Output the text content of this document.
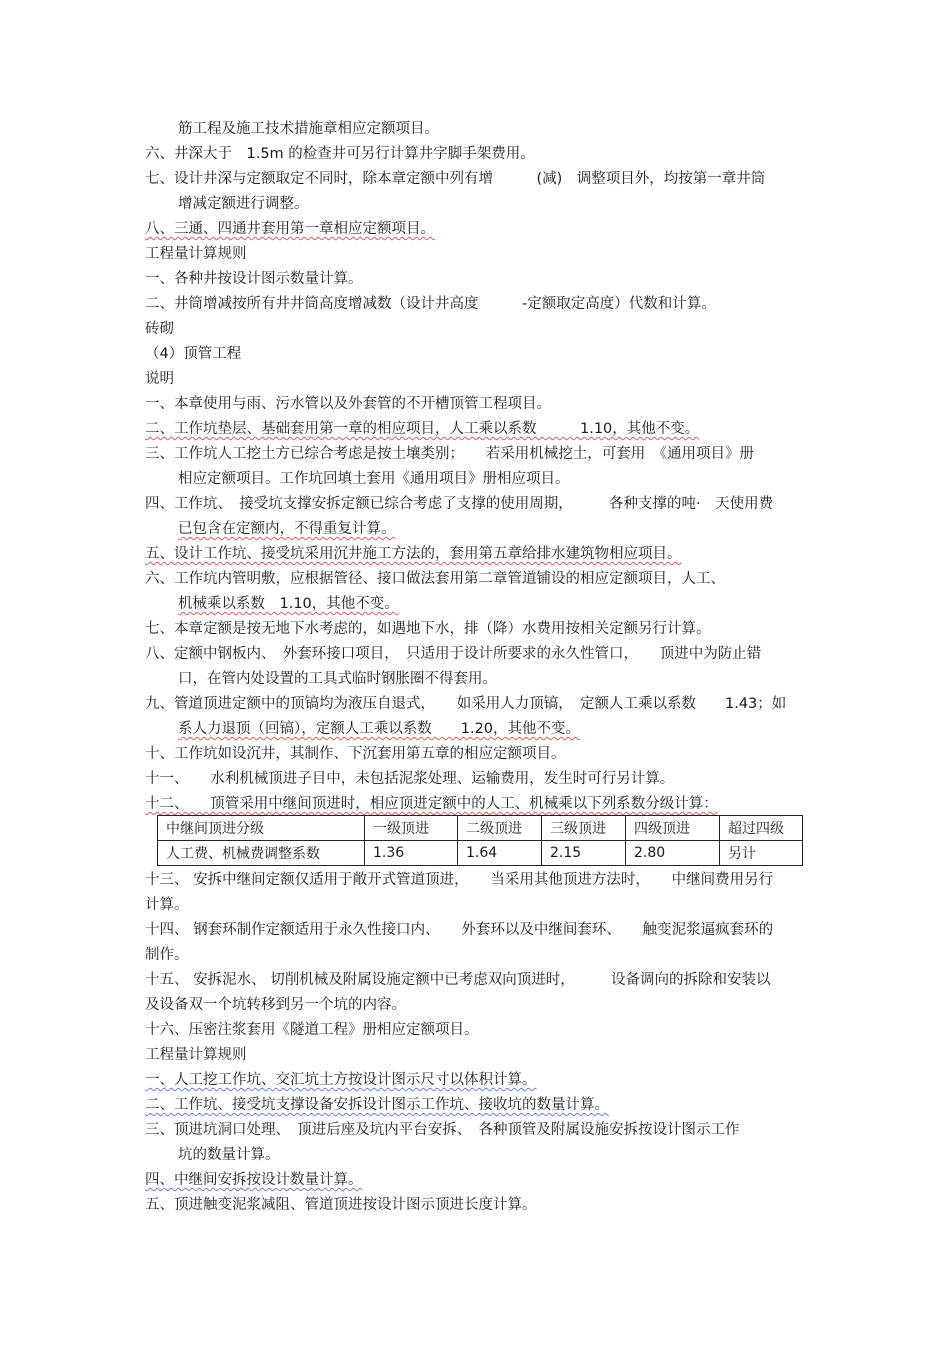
筋工程及施工技术措施章相应定额项目。
六、井深大于　1.5m 的检查井可另行计算井字脚手架费用。
七、设计井深与定额取定不同时，除本章定额中列有增　　　(减)　调整项目外，均按第一章井筒
增减定额进行调整。
八、三通、四通井套用第一章相应定额项目。
工程量计算规则
一、各种井按设计图示数量计算。
二、井筒增减按所有井井筒高度增减数（设计井高度　　　-定额取定高度）代数和计算。
砖砌
（4）顶管工程
说明
一、本章使用与雨、污水管以及外套管的不开槽顶管工程项目。
二、工作坑垫层、基础套用第一章的相应项目，人工乘以系数　　　1.10，其他不变。
三、工作坑人工挖土方已综合考虑是按土壤类别；　　若采用机械挖土，可套用　《通用项目》册
相应定额项目。工作坑回填土套用《通用项目》册相应项目。
四、工作坑、　接受坑支撑安拆定额已综合考虑了支撑的使用周期，　　　各种支撑的吨·　天使用费
已包含在定额内，不得重复计算。
五、设计工作坑、接受坑采用沉井施工方法的，套用第五章给排水建筑物相应项目。
六、工作坑内管明敷，应根据管径、接口做法套用第二章管道铺设的相应定额项目，人工、
机械乘以系数　1.10，其他不变。
七、本章定额是按无地下水考虑的，如遇地下水，排（降）水费用按相关定额另行计算。
八、定额中钢板内、　外套环接口项目，　只适用于设计所要求的永久性管口，　　顶进中为防止错
口，在管内处设置的工具式临时钢胀圈不得套用。
九、管道顶进定额中的顶镐均为液压自退式，　　如采用人力顶镐，　定额人工乘以系数　　1.43；如
系人力退顶（回镐），定额人工乘以系数　　1.20，其他不变。
十、工作坑如设沉井，其制作、下沉套用第五章的相应定额项目。
十一、　　水利机械顶进子目中，未包括泥浆处理、运输费用，发生时可行另计算。
十二、　　顶管采用中继间顶进时，相应顶进定额中的人工、机械乘以下列系数分级计算：
中继间顶进分级	一级顶进	二级顶进	三级顶进	四级顶进	超过四级
人工费、机械费调整系数	1.36	1.64	2.15	2.80	另计
十三、 安拆中继间定额仅适用于敞开式管道顶进，　　当采用其他顶进方法时，　　中继间费用另行
计算。
十四、 钢套环制作定额适用于永久性接口内、　　外套环以及中继间套环、　　触变泥浆逼疯套环的
制作。
十五、 安拆泥水、 切削机械及附属设施定额中已考虑双向顶进时，　　　设备调向的拆除和安装以
及设备双一个坑转移到另一个坑的内容。
十六、压密注浆套用《隧道工程》册相应定额项目。
工程量计算规则
一、人工挖工作坑、交汇坑土方按设计图示尺寸以体积计算。
二、工作坑、接受坑支撑设备安拆设计图示工作坑、接收坑的数量计算。
三、顶进坑洞口处理、　顶进后座及坑内平台安拆、　各种顶管及附属设施安拆按设计图示工作
坑的数量计算。
四、中继间安拆按设计数量计算。
五、顶进触变泥浆减阻、管道顶进按设计图示顶进长度计算。
